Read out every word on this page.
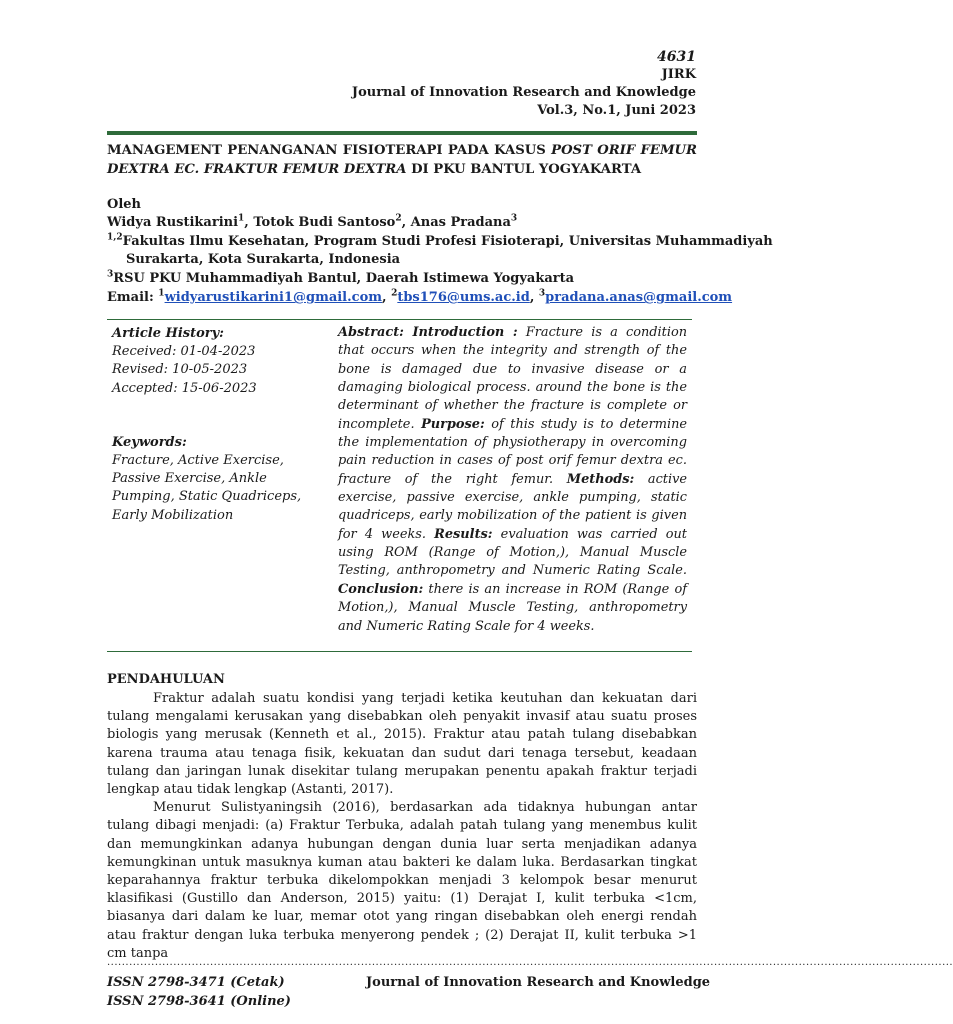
4631
JIRK
Journal of Innovation Research and Knowledge
Vol.3, No.1, Juni 2023
MANAGEMENT PENANGANAN FISIOTERAPI PADA KASUS POST ORIF FEMUR DEXTRA EC. FRAKTUR FEMUR DEXTRA DI PKU BANTUL YOGYAKARTA
Oleh
Widya Rustikarini$^1$, Totok Budi Santoso$^2$, Anas Pradana$^3$
$^{1,2}$Fakultas Ilmu Kesehatan, Program Studi Profesi Fisioterapi, Universitas Muhammadiyah
Surakarta, Kota Surakarta, Indonesia
$^3$RSU PKU Muhammadiyah Bantul, Daerah Istimewa Yogyakarta
Email: $^1$widyarustikarini1@gmail.com, $^2$tbs176@ums.ac.id, $^3$pradana.anas@gmail.com
Article History:
Received: 01-04-2023
Revised: 10-05-2023
Accepted: 15-06-2023
Keywords:
Fracture, Active Exercise,
Passive Exercise, Ankle
Pumping, Static Quadriceps,
Early Mobilization
Abstract: Introduction : Fracture is a condition that occurs when the integrity and strength of the bone is damaged due to invasive disease or a damaging biological process. around the bone is the determinant of whether the fracture is complete or incomplete. Purpose: of this study is to determine the implementation of physiotherapy in overcoming pain reduction in cases of post orif femur dextra ec. fracture of the right femur. Methods: active exercise, passive exercise, ankle pumping, static quadriceps, early mobilization of the patient is given for 4 weeks. Results: evaluation was carried out using ROM (Range of Motion,), Manual Muscle Testing, anthropometry and Numeric Rating Scale. Conclusion: there is an increase in ROM (Range of Motion,), Manual Muscle Testing, anthropometry and Numeric Rating Scale for 4 weeks.
PENDAHULUAN
Fraktur adalah suatu kondisi yang terjadi ketika keutuhan dan kekuatan dari tulang mengalami kerusakan yang disebabkan oleh penyakit invasif atau suatu proses biologis yang merusak (Kenneth et al., 2015). Fraktur atau patah tulang disebabkan karena trauma atau tenaga fisik, kekuatan dan sudut dari tenaga tersebut, keadaan tulang dan jaringan lunak disekitar tulang merupakan penentu apakah fraktur terjadi lengkap atau tidak lengkap (Astanti, 2017).
Menurut Sulistyaningsih (2016), berdasarkan ada tidaknya hubungan antar tulang dibagi menjadi: (a) Fraktur Terbuka, adalah patah tulang yang menembus kulit dan memungkinkan adanya hubungan dengan dunia luar serta menjadikan adanya kemungkinan untuk masuknya kuman atau bakteri ke dalam luka. Berdasarkan tingkat keparahannya fraktur terbuka dikelompokkan menjadi 3 kelompok besar menurut klasifikasi (Gustillo dan Anderson, 2015) yaitu: (1) Derajat I, kulit terbuka <1cm, biasanya dari dalam ke luar, memar otot yang ringan disebabkan oleh energi rendah atau fraktur dengan luka terbuka menyerong pendek ; (2) Derajat II, kulit terbuka >1 cm tanpa
......................................................................................................................................................................................................................................
ISSN 2798-3471 (Cetak)
ISSN 2798-3641 (Online)
Journal of Innovation Research and Knowledge
